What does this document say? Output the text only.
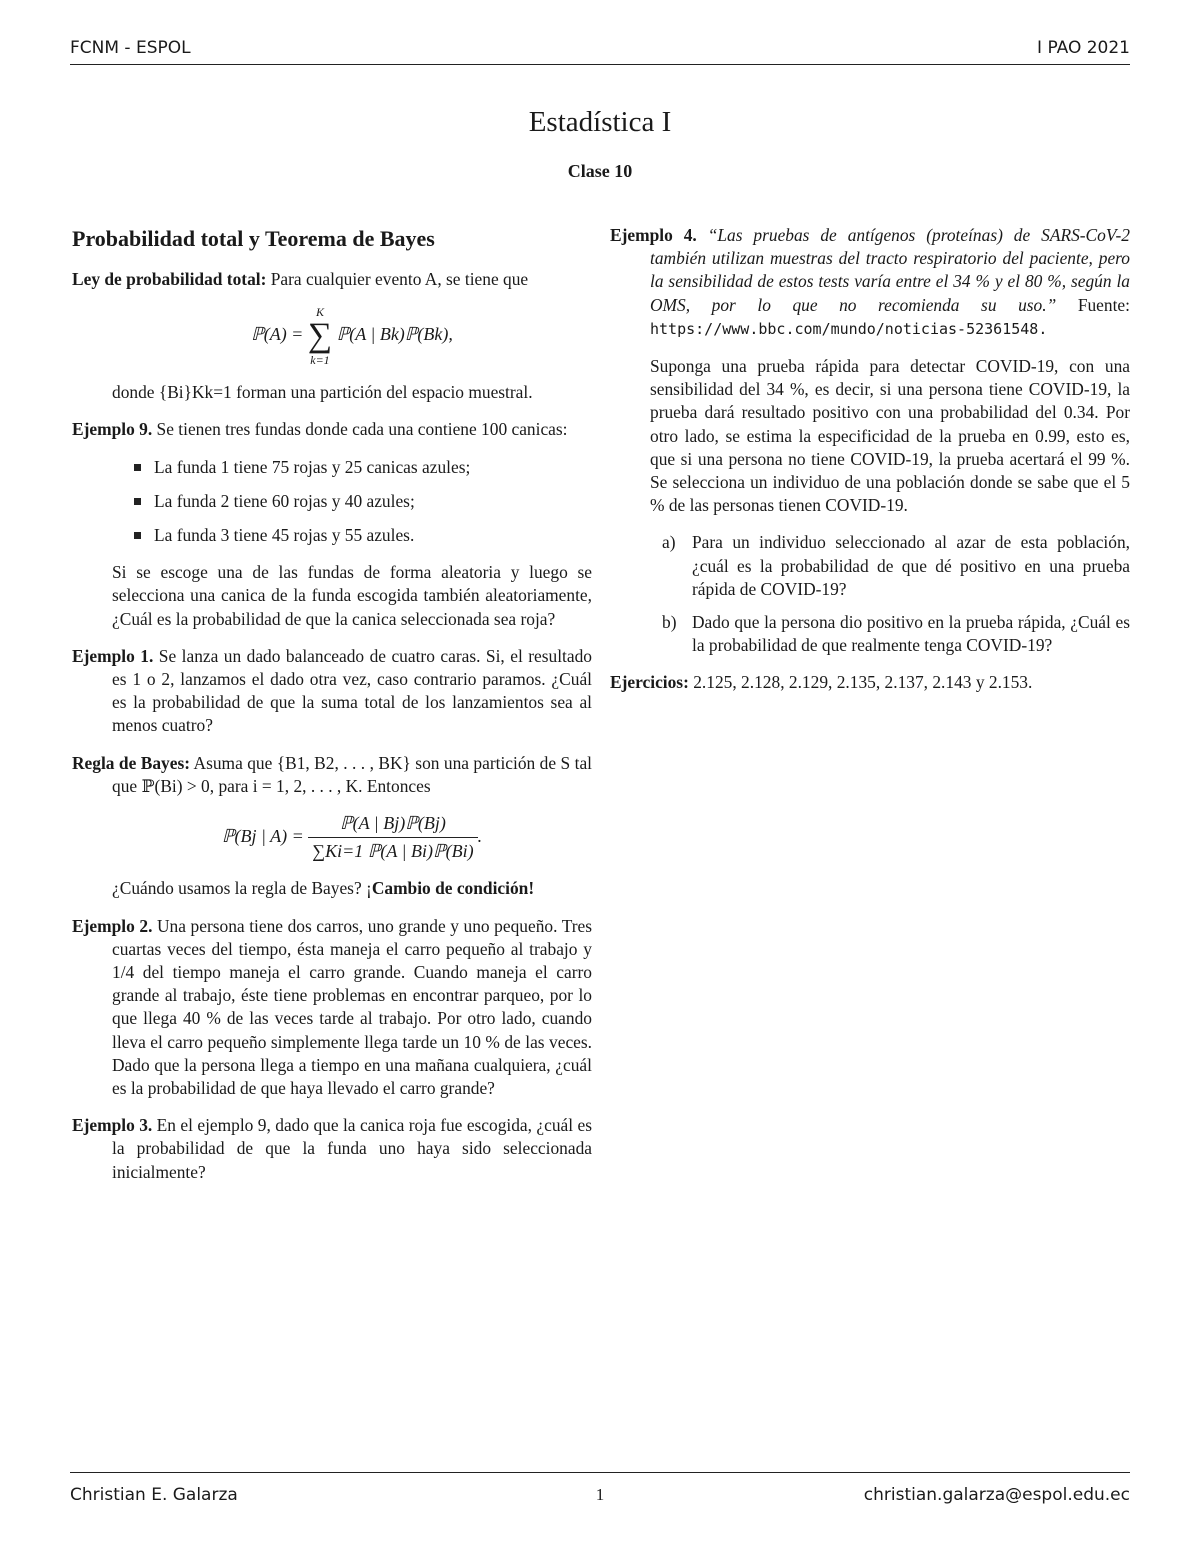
FCNM - ESPOL	I PAO 2021
Estadística I
Clase 10
Probabilidad total y Teorema de Bayes

Ley de probabilidad total: Para cualquier evento A, se tiene que

ℙ(A) = K
∑
k=1 ℙ(A | Bk)ℙ(Bk),

donde {Bi}Kk=1 forman una partición del espacio muestral.

Ejemplo 9. Se tienen tres fundas donde cada una contiene 100 canicas:

La funda 1 tiene 75 rojas y 25 canicas azules;
La funda 2 tiene 60 rojas y 40 azules;
La funda 3 tiene 45 rojas y 55 azules.

Si se escoge una de las fundas de forma aleatoria y luego se selecciona una canica de la funda escogida también aleatoriamente, ¿Cuál es la probabilidad de que la canica seleccionada sea roja?

Ejemplo 1. Se lanza un dado balanceado de cuatro caras. Si, el resultado es 1 o 2, lanzamos el dado otra vez, caso contrario paramos. ¿Cuál es la probabilidad de que la suma total de los lanzamientos sea al menos cuatro?

Regla de Bayes: Asuma que {B1, B2, . . . , BK} son una partición de S tal que ℙ(Bi) > 0, para i = 1, 2, . . . , K. Entonces

ℙ(Bj | $A) = \frac{\text{ℙ(A | Bj)ℙ(Bj)}}{\text{∑Ki=1 ℙ(A | Bi)ℙ(Bi)}}$ .

¿Cuándo usamos la regla de Bayes? ¡Cambio de condición!

Ejemplo 2. Una persona tiene dos carros, uno grande y uno pequeño. Tres cuartas veces del tiempo, ésta maneja el carro pequeño al trabajo y 1/4 del tiempo maneja el carro grande. Cuando maneja el carro grande al trabajo, éste tiene problemas en encontrar parqueo, por lo que llega 40 % de las veces tarde al trabajo. Por otro lado, cuando lleva el carro pequeño simplemente llega tarde un 10 % de las veces. Dado que la persona llega a tiempo en una mañana cualquiera, ¿cuál es la probabilidad de que haya llevado el carro grande?

Ejemplo 3. En el ejemplo 9, dado que la canica roja fue escogida, ¿cuál es la probabilidad de que la funda uno haya sido seleccionada inicialmente?

Ejemplo 4. “Las pruebas de antígenos (proteínas) de SARS-CoV-2 también utilizan muestras del tracto respiratorio del paciente, pero la sensibilidad de estos tests varía entre el 34 % y el 80 %, según la OMS, por lo que no recomienda su uso.” Fuente: https://www.bbc.com/mundo/noticias-52361548.

Suponga una prueba rápida para detectar COVID-19, con una sensibilidad del 34 %, es decir, si una persona tiene COVID-19, la prueba dará resultado positivo con una probabilidad del 0.34. Por otro lado, se estima la especificidad de la prueba en 0.99, esto es, que si una persona no tiene COVID-19, la prueba acertará el 99 %. Se selecciona un individuo de una población donde se sabe que el 5 % de las personas tienen COVID-19.

a) Para un individuo seleccionado al azar de esta población, ¿cuál es la probabilidad de que dé positivo en una prueba rápida de COVID-19?
b) Dado que la persona dio positivo en la prueba rápida, ¿Cuál es la probabilidad de que realmente tenga COVID-19?

Ejercicios: 2.125, 2.128, 2.129, 2.135, 2.137, 2.143 y 2.153.

Christian E. Galarza	1	christian.galarza@espol.edu.ec
